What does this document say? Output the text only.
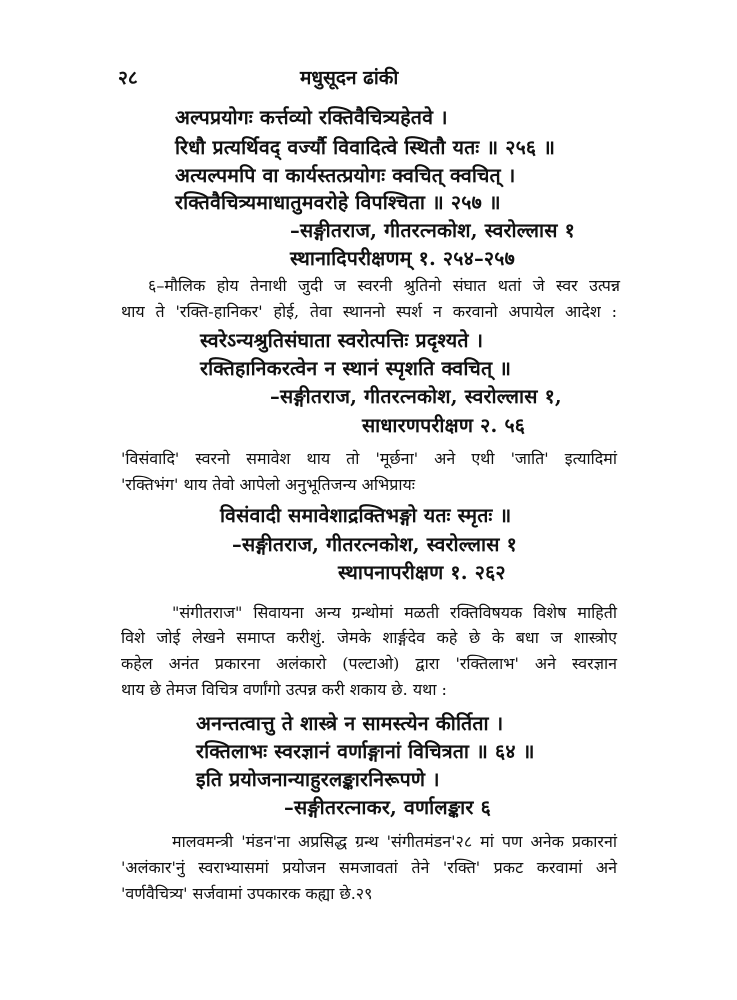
२८	मधुसूदन ढांकी
अल्पप्रयोगः कर्त्तव्यो रक्तिवैचित्र्यहेतवे ।
रिधौ प्रत्यर्थिवद् वर्ज्यौ विवादित्वे स्थितौ यतः ॥ २५६ ॥
अत्यल्पमपि वा कार्यस्तत्प्रयोगः क्वचित् क्वचित् ।
रक्तिवैचित्र्यमाधातुमवरोहे विपश्चिता ॥ २५७ ॥
–सङ्गीतराज, गीतरत्नकोश, स्वरोल्लास १
स्थानादिपरीक्षणम् १. २५४–२५७
६–मौलिक होय तेनाथी जुदी ज स्वरनी श्रुतिनो संघात थतां जे स्वर उत्पन्न
थाय ते 'रक्ति-हानिकर' होई, तेवा स्थाननो स्पर्श न करवानो अपायेल आदेश :
स्वरेऽन्यश्रुतिसंघाता स्वरोत्पत्तिः प्रदृश्यते ।
रक्तिहानिकरत्वेन न स्थानं स्पृशति क्वचित् ॥
–सङ्गीतराज, गीतरत्नकोश, स्वरोल्लास १,
साधारणपरीक्षण २. ५६
'विसंवादि' स्वरनो समावेश थाय तो 'मूर्छना' अने एथी 'जाति' इत्यादिमां
'रक्तिभंग' थाय तेवो आपेलो अनुभूतिजन्य अभिप्रायः
विसंवादी समावेशाद्रक्तिभङ्गो यतः स्मृतः ॥
–सङ्गीतराज, गीतरत्नकोश, स्वरोल्लास १
स्थापनापरीक्षण १. २६२
"संगीतराज" सिवायना अन्य ग्रन्थोमां मळती रक्तिविषयक विशेष माहिती
विशे जोई लेखने समाप्त करीशुं. जेमके शार्ङ्गदेव कहे छे के बधा ज शास्त्रोए
कहेल अनंत प्रकारना अलंकारो (पल्टाओ) द्वारा 'रक्तिलाभ' अने स्वरज्ञान
थाय छे तेमज विचित्र वर्णांगो उत्पन्न करी शकाय छे. यथा :
अनन्तत्वात्तु ते शास्त्रे न सामस्त्येन कीर्तिता ।
रक्तिलाभः स्वरज्ञानं वर्णाङ्गानां विचित्रता ॥ ६४ ॥
इति प्रयोजनान्याहुरलङ्कारनिरूपणे ।
–सङ्गीतरत्नाकर, वर्णालङ्कार ६
मालवमन्त्री 'मंडन'ना अप्रसिद्ध ग्रन्थ 'संगीतमंडन'२८ मां पण अनेक प्रकारनां
'अलंकार'नुं स्वराभ्यासमां प्रयोजन समजावतां तेने 'रक्ति' प्रकट करवामां अने
'वर्णवैचित्र्य' सर्जवामां उपकारक कह्या छे.२९
